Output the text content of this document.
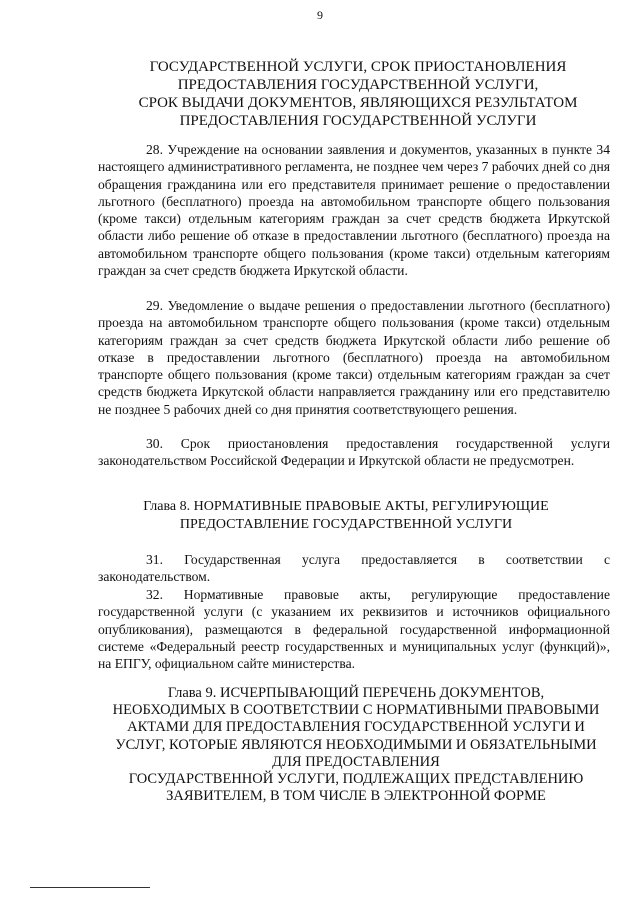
9
ГОСУДАРСТВЕННОЙ УСЛУГИ, СРОК ПРИОСТАНОВЛЕНИЯ
ПРЕДОСТАВЛЕНИЯ ГОСУДАРСТВЕННОЙ УСЛУГИ,
СРОК ВЫДАЧИ ДОКУМЕНТОВ, ЯВЛЯЮЩИХСЯ РЕЗУЛЬТАТОМ
ПРЕДОСТАВЛЕНИЯ ГОСУДАРСТВЕННОЙ УСЛУГИ

28. Учреждение на основании заявления и документов, указанных в пункте 34 настоящего административного регламента, не позднее чем через 7 рабочих дней со дня обращения гражданина или его представителя принимает решение о предоставлении льготного (бесплатного) проезда на автомобильном транспорте общего пользования (кроме такси) отдельным категориям граждан за счет средств бюджета Иркутской области либо решение об отказе в предоставлении льготного (бесплатного) проезда на автомобильном транспорте общего пользования (кроме такси) отдельным категориям граждан за счет средств бюджета Иркутской области.

29. Уведомление о выдаче решения о предоставлении льготного (бесплатного) проезда на автомобильном транспорте общего пользования (кроме такси) отдельным категориям граждан за счет средств бюджета Иркутской области либо решение об отказе в предоставлении льготного (бесплатного) проезда на автомобильном транспорте общего пользования (кроме такси) отдельным категориям граждан за счет средств бюджета Иркутской области направляется гражданину или его представителю не позднее 5 рабочих дней со дня принятия соответствующего решения.

30. Срок приостановления предоставления государственной услуги законодательством Российской Федерации и Иркутской области не предусмотрен.

Глава 8. НОРМАТИВНЫЕ ПРАВОВЫЕ АКТЫ, РЕГУЛИРУЮЩИЕ
ПРЕДОСТАВЛЕНИЕ ГОСУДАРСТВЕННОЙ УСЛУГИ

31. Государственная услуга предоставляется в соответствии с законодательством.

32. Нормативные правовые акты, регулирующие предоставление государственной услуги (с указанием их реквизитов и источников официального опубликования), размещаются в федеральной государственной информационной системе «Федеральный реестр государственных и муниципальных услуг (функций)», на ЕПГУ, официальном сайте министерства.

Глава 9. ИСЧЕРПЫВАЮЩИЙ ПЕРЕЧЕНЬ ДОКУМЕНТОВ,
НЕОБХОДИМЫХ В СООТВЕТСТВИИ С НОРМАТИВНЫМИ ПРАВОВЫМИ
АКТАМИ ДЛЯ ПРЕДОСТАВЛЕНИЯ ГОСУДАРСТВЕННОЙ УСЛУГИ И
УСЛУГ, КОТОРЫЕ ЯВЛЯЮТСЯ НЕОБХОДИМЫМИ И ОБЯЗАТЕЛЬНЫМИ
ДЛЯ ПРЕДОСТАВЛЕНИЯ
ГОСУДАРСТВЕННОЙ УСЛУГИ, ПОДЛЕЖАЩИХ ПРЕДСТАВЛЕНИЮ
ЗАЯВИТЕЛЕМ, В ТОМ ЧИСЛЕ В ЭЛЕКТРОННОЙ ФОРМЕ
